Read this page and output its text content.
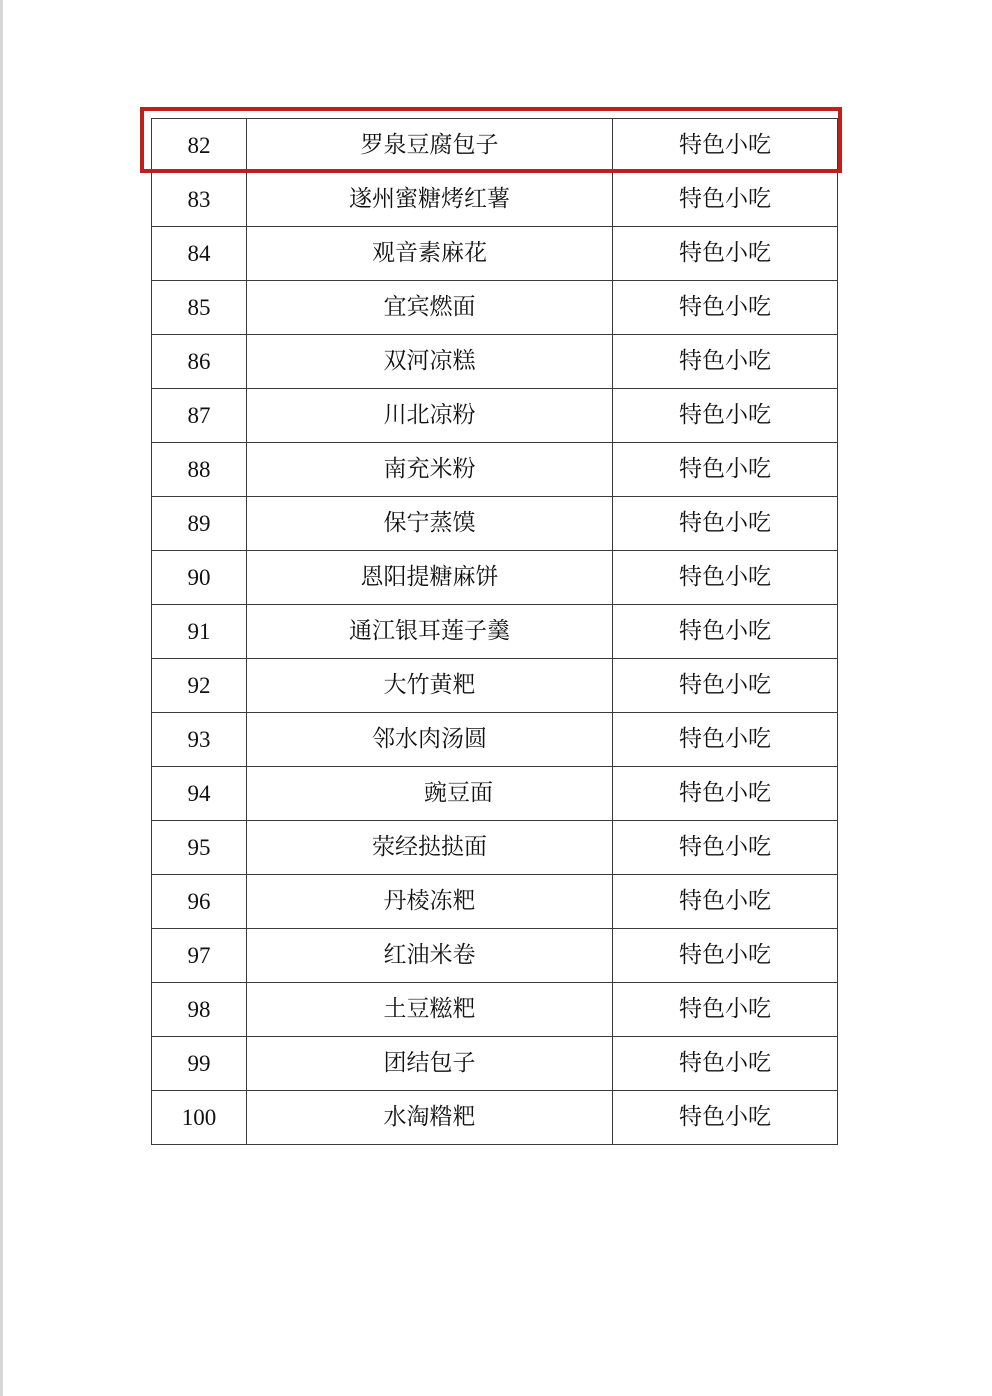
82	罗泉豆腐包子	特色小吃
83	遂州蜜糖烤红薯	特色小吃
84	观音素麻花	特色小吃
85	宜宾燃面	特色小吃
86	双河凉糕	特色小吃
87	川北凉粉	特色小吃
88	南充米粉	特色小吃
89	保宁蒸馍	特色小吃
90	恩阳提糖麻饼	特色小吃
91	通江银耳莲子羹	特色小吃
92	大竹黄粑	特色小吃
93	邻水肉汤圆	特色小吃
94	豌豆面	特色小吃
95	荥经挞挞面	特色小吃
96	丹棱冻粑	特色小吃
97	红油米卷	特色小吃
98	土豆糍粑	特色小吃
99	团结包子	特色小吃
100	水淘糌粑	特色小吃
